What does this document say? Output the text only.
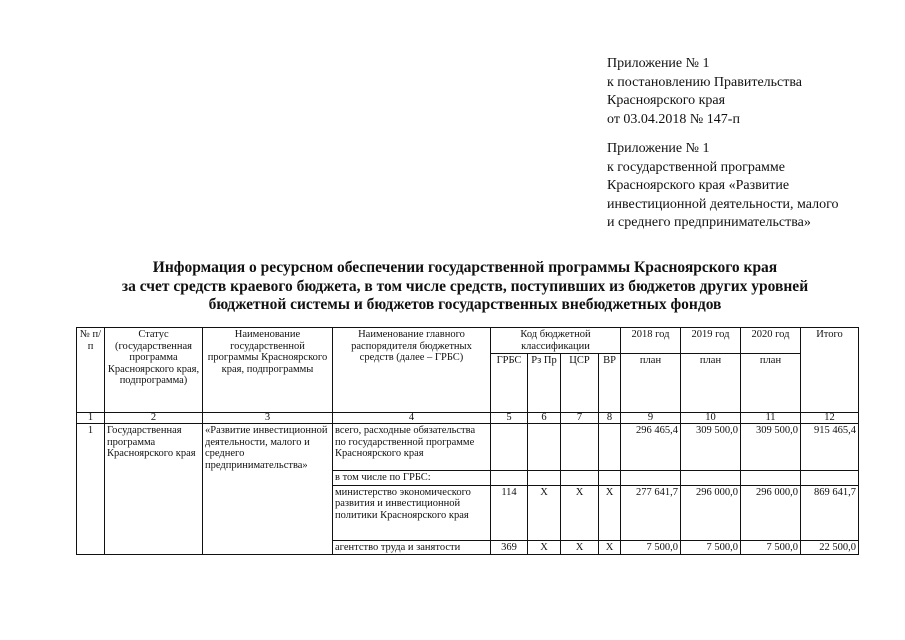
Приложение № 1
к постановлению Правительства
Красноярского края
от 03.04.2018 № 147-п
Приложение № 1
к государственной программе
Красноярского края «Развитие
инвестиционной деятельности, малого
и среднего предпринимательства»
Информация о ресурсном обеспечении государственной программы Красноярского края
за счет средств краевого бюджета, в том числе средств, поступивших из бюджетов других уровней
бюджетной системы и бюджетов государственных внебюджетных фондов
№ п/п	Статус (государственная программа Красноярского края, подпрограмма)	Наименование государственной программы Красноярского края, подпрограммы	Наименование главного распорядителя бюджетных средств (далее – ГРБС)	Код бюджетной классификации				2018 год	2019 год	2020 год	Итого
				ГРБС	Рз Пр	ЦСР	ВР	план	план	план	
1	2	3	4	5	6	7	8	9	10	11	12
1	Государственная программа Красноярского края	«Развитие инвестиционной деятельности, малого и среднего предпринимательства»	всего, расходные обязательства по государственной программе Красноярского края					296 465,4	309 500,0	309 500,0	915 465,4
			в том числе по ГРБС:								
			министерство экономического развития и инвестиционной политики Красноярского края	114	Х	Х	Х	277 641,7	296 000,0	296 000,0	869 641,7
			агентство труда и занятости	369	Х	Х	Х	7 500,0	7 500,0	7 500,0	22 500,0
